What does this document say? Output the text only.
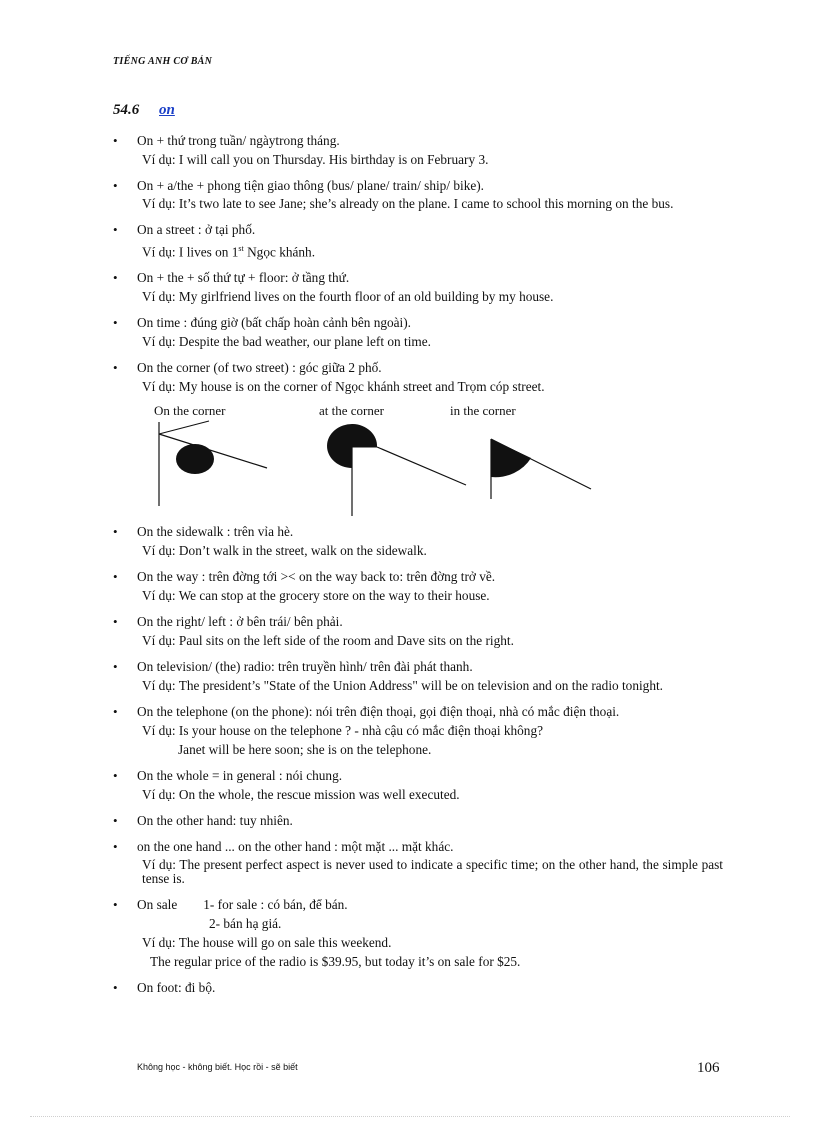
TIẾNG ANH CƠ BẢN
54.6 on
• On + thứ trong tuần/ ngàytrong tháng.
Ví dụ: I will call you on Thursday. His birthday is on February 3.
• On + a/the + phong tiện giao thông (bus/ plane/ train/ ship/ bike).
Ví dụ: It’s two late to see Jane; she’s already on the plane. I came to school this morning on the bus.
• On a street : ở tại phố.
Ví dụ: I lives on 1st Ngọc khánh.
• On + the + số thứ tự + floor: ở tầng thứ.
Ví dụ: My girlfriend lives on the fourth floor of an old building by my house.
• On time : đúng giờ (bất chấp hoàn cảnh bên ngoài).
Ví dụ: Despite the bad weather, our plane left on time.
• On the corner (of two street) : góc giữa 2 phố.
Ví dụ: My house is on the corner of Ngọc khánh street and Trọm cóp street.
On the corner	at the corner	in the corner
• On the sidewalk : trên vỉa hè.
Ví dụ: Don’t walk in the street, walk on the sidewalk.
• On the way : trên đờng tới >< on the way back to: trên đờng trở về.
Ví dụ: We can stop at the grocery store on the way to their house.
• On the right/ left : ở bên trái/ bên phải.
Ví dụ: Paul sits on the left side of the room and Dave sits on the right.
• On television/ (the) radio: trên truyền hình/ trên đài phát thanh.
Ví dụ: The president’s "State of the Union Address" will be on television and on the radio tonight.
• On the telephone (on the phone): nói trên điện thoại, gọi điện thoại, nhà có mắc điện thoại.
Ví dụ: Is your house on the telephone ? - nhà cậu có mắc điện thoại không?
Janet will be here soon; she is on the telephone.
• On the whole = in general : nói chung.
Ví dụ: On the whole, the rescue mission was well executed.
• On the other hand: tuy nhiên.
• on the one hand ... on the other hand : một mặt ... mặt khác.
Ví dụ: The present perfect aspect is never used to indicate a specific time; on the other hand, the simple past tense is.
• On sale 1- for sale : có bán, để bán.
2- bán hạ giá.
Ví dụ: The house will go on sale this weekend.
The regular price of the radio is $39.95, but today it’s on sale for $25.
• On foot: đi bộ.
Không học - không biết. Học rồi - sẽ biết	106
